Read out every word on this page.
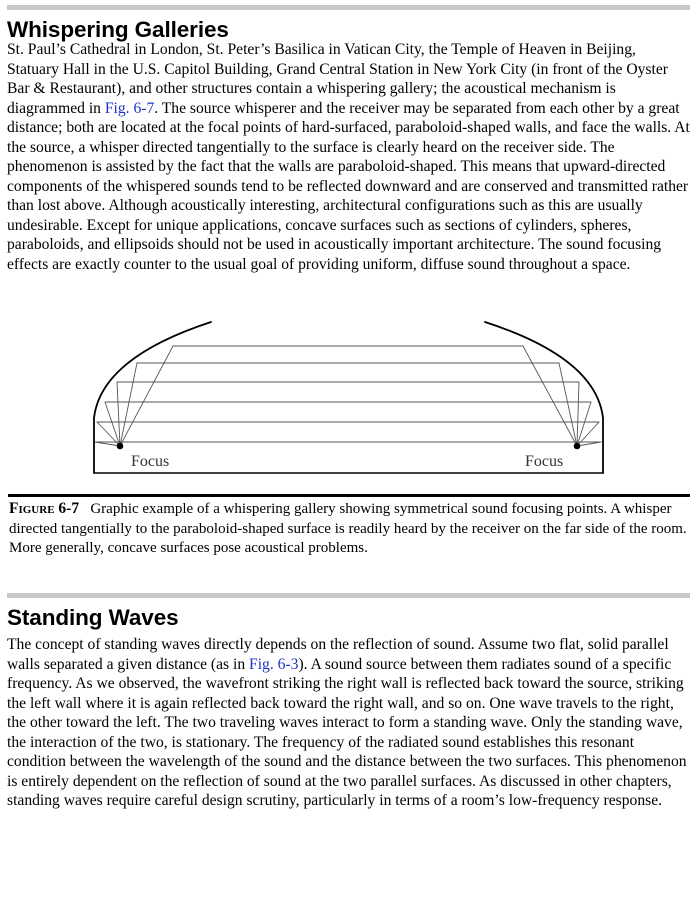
Whispering Galleries

St. Paul’s Cathedral in London, St. Peter’s Basilica in Vatican City, the Temple of Heaven in Beijing, Statuary Hall in the U.S. Capitol Building, Grand Central Station in New York City (in front of the Oyster Bar & Restaurant), and other structures contain a whispering gallery; the acoustical mechanism is diagrammed in Fig. 6-7. The source whisperer and the receiver may be separated from each other by a great distance; both are located at the focal points of hard-surfaced, paraboloid-shaped walls, and face the walls. At the source, a whisper directed tangentially to the surface is clearly heard on the receiver side. The phenomenon is assisted by the fact that the walls are paraboloid-shaped. This means that upward-directed components of the whispered sounds tend to be reflected downward and are conserved and transmitted rather than lost above. Although acoustically interesting, architectural configurations such as this are usually undesirable. Except for unique applications, concave surfaces such as sections of cylinders, spheres, paraboloids, and ellipsoids should not be used in acoustically important architecture. The sound focusing effects are exactly counter to the usual goal of providing uniform, diffuse sound throughout a space.

Focus	Focus

Figure 6-7 Graphic example of a whispering gallery showing symmetrical sound focusing points. A whisper directed tangentially to the paraboloid-shaped surface is readily heard by the receiver on the far side of the room. More generally, concave surfaces pose acoustical problems.

Standing Waves

The concept of standing waves directly depends on the reflection of sound. Assume two flat, solid parallel walls separated a given distance (as in Fig. 6-3). A sound source between them radiates sound of a specific frequency. As we observed, the wavefront striking the right wall is reflected back toward the source, striking the left wall where it is again reflected back toward the right wall, and so on. One wave travels to the right, the other toward the left. The two traveling waves interact to form a standing wave. Only the standing wave, the interaction of the two, is stationary. The frequency of the radiated sound establishes this resonant condition between the wavelength of the sound and the distance between the two surfaces. This phenomenon is entirely dependent on the reflection of sound at the two parallel surfaces. As discussed in other chapters, standing waves require careful design scrutiny, particularly in terms of a room’s low-frequency response.
